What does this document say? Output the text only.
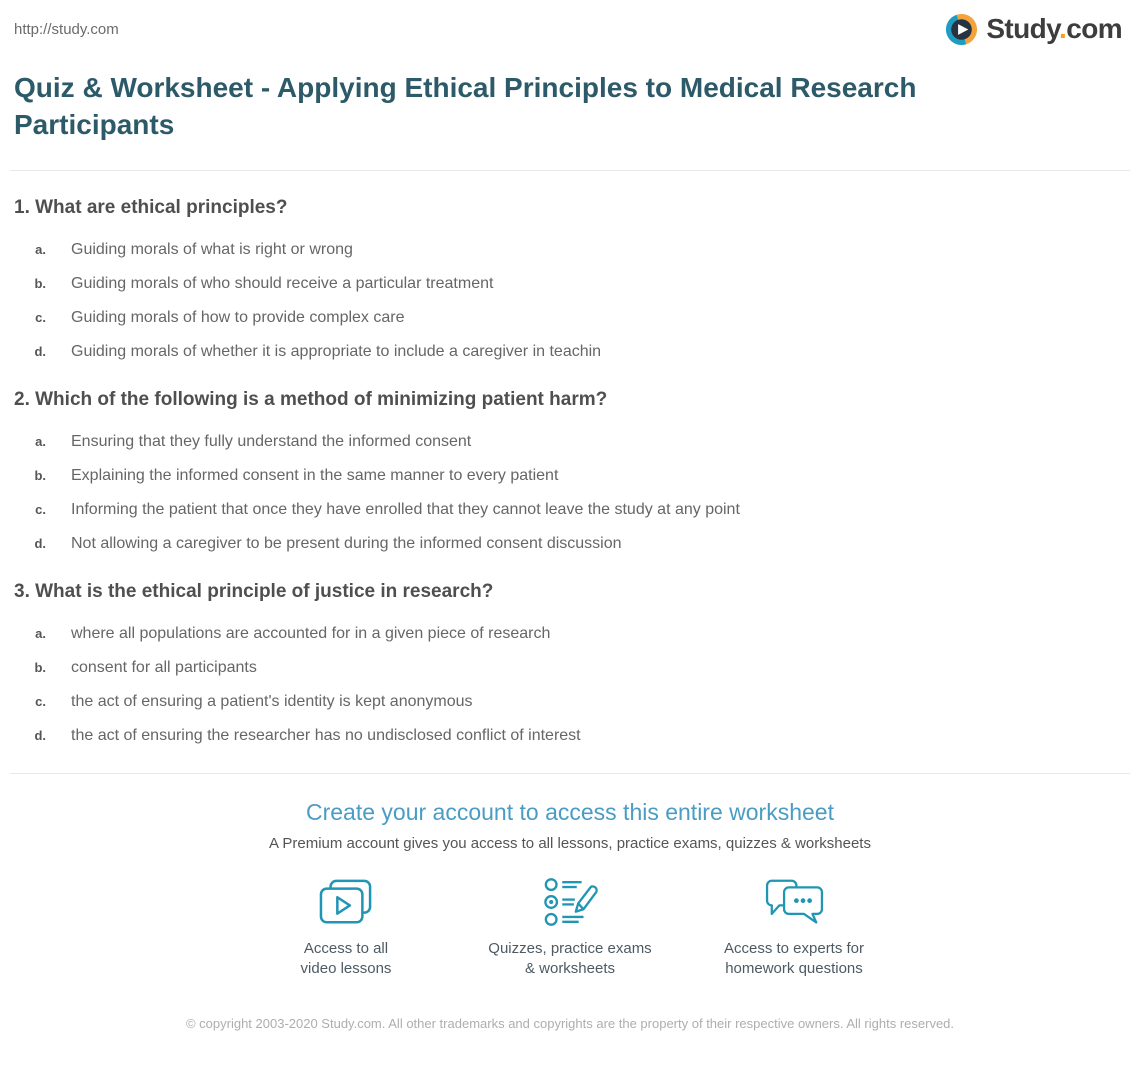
http://study.com	Study.com
Quiz & Worksheet - Applying Ethical Principles to Medical Research Participants
1. What are ethical principles?
a. Guiding morals of what is right or wrong
b. Guiding morals of who should receive a particular treatment
c. Guiding morals of how to provide complex care
d. Guiding morals of whether it is appropriate to include a caregiver in teachin
2. Which of the following is a method of minimizing patient harm?
a. Ensuring that they fully understand the informed consent
b. Explaining the informed consent in the same manner to every patient
c. Informing the patient that once they have enrolled that they cannot leave the study at any point
d. Not allowing a caregiver to be present during the informed consent discussion
3. What is the ethical principle of justice in research?
a. where all populations are accounted for in a given piece of research
b. consent for all participants
c. the act of ensuring a patient's identity is kept anonymous
d. the act of ensuring the researcher has no undisclosed conflict of interest
Create your account to access this entire worksheet

A Premium account gives you access to all lessons, practice exams, quizzes & worksheets

Access to all
video lessons
Quizzes, practice exams
& worksheets
Access to experts for
homework questions

© copyright 2003-2020 Study.com. All other trademarks and copyrights are the property of their respective owners. All rights reserved.
